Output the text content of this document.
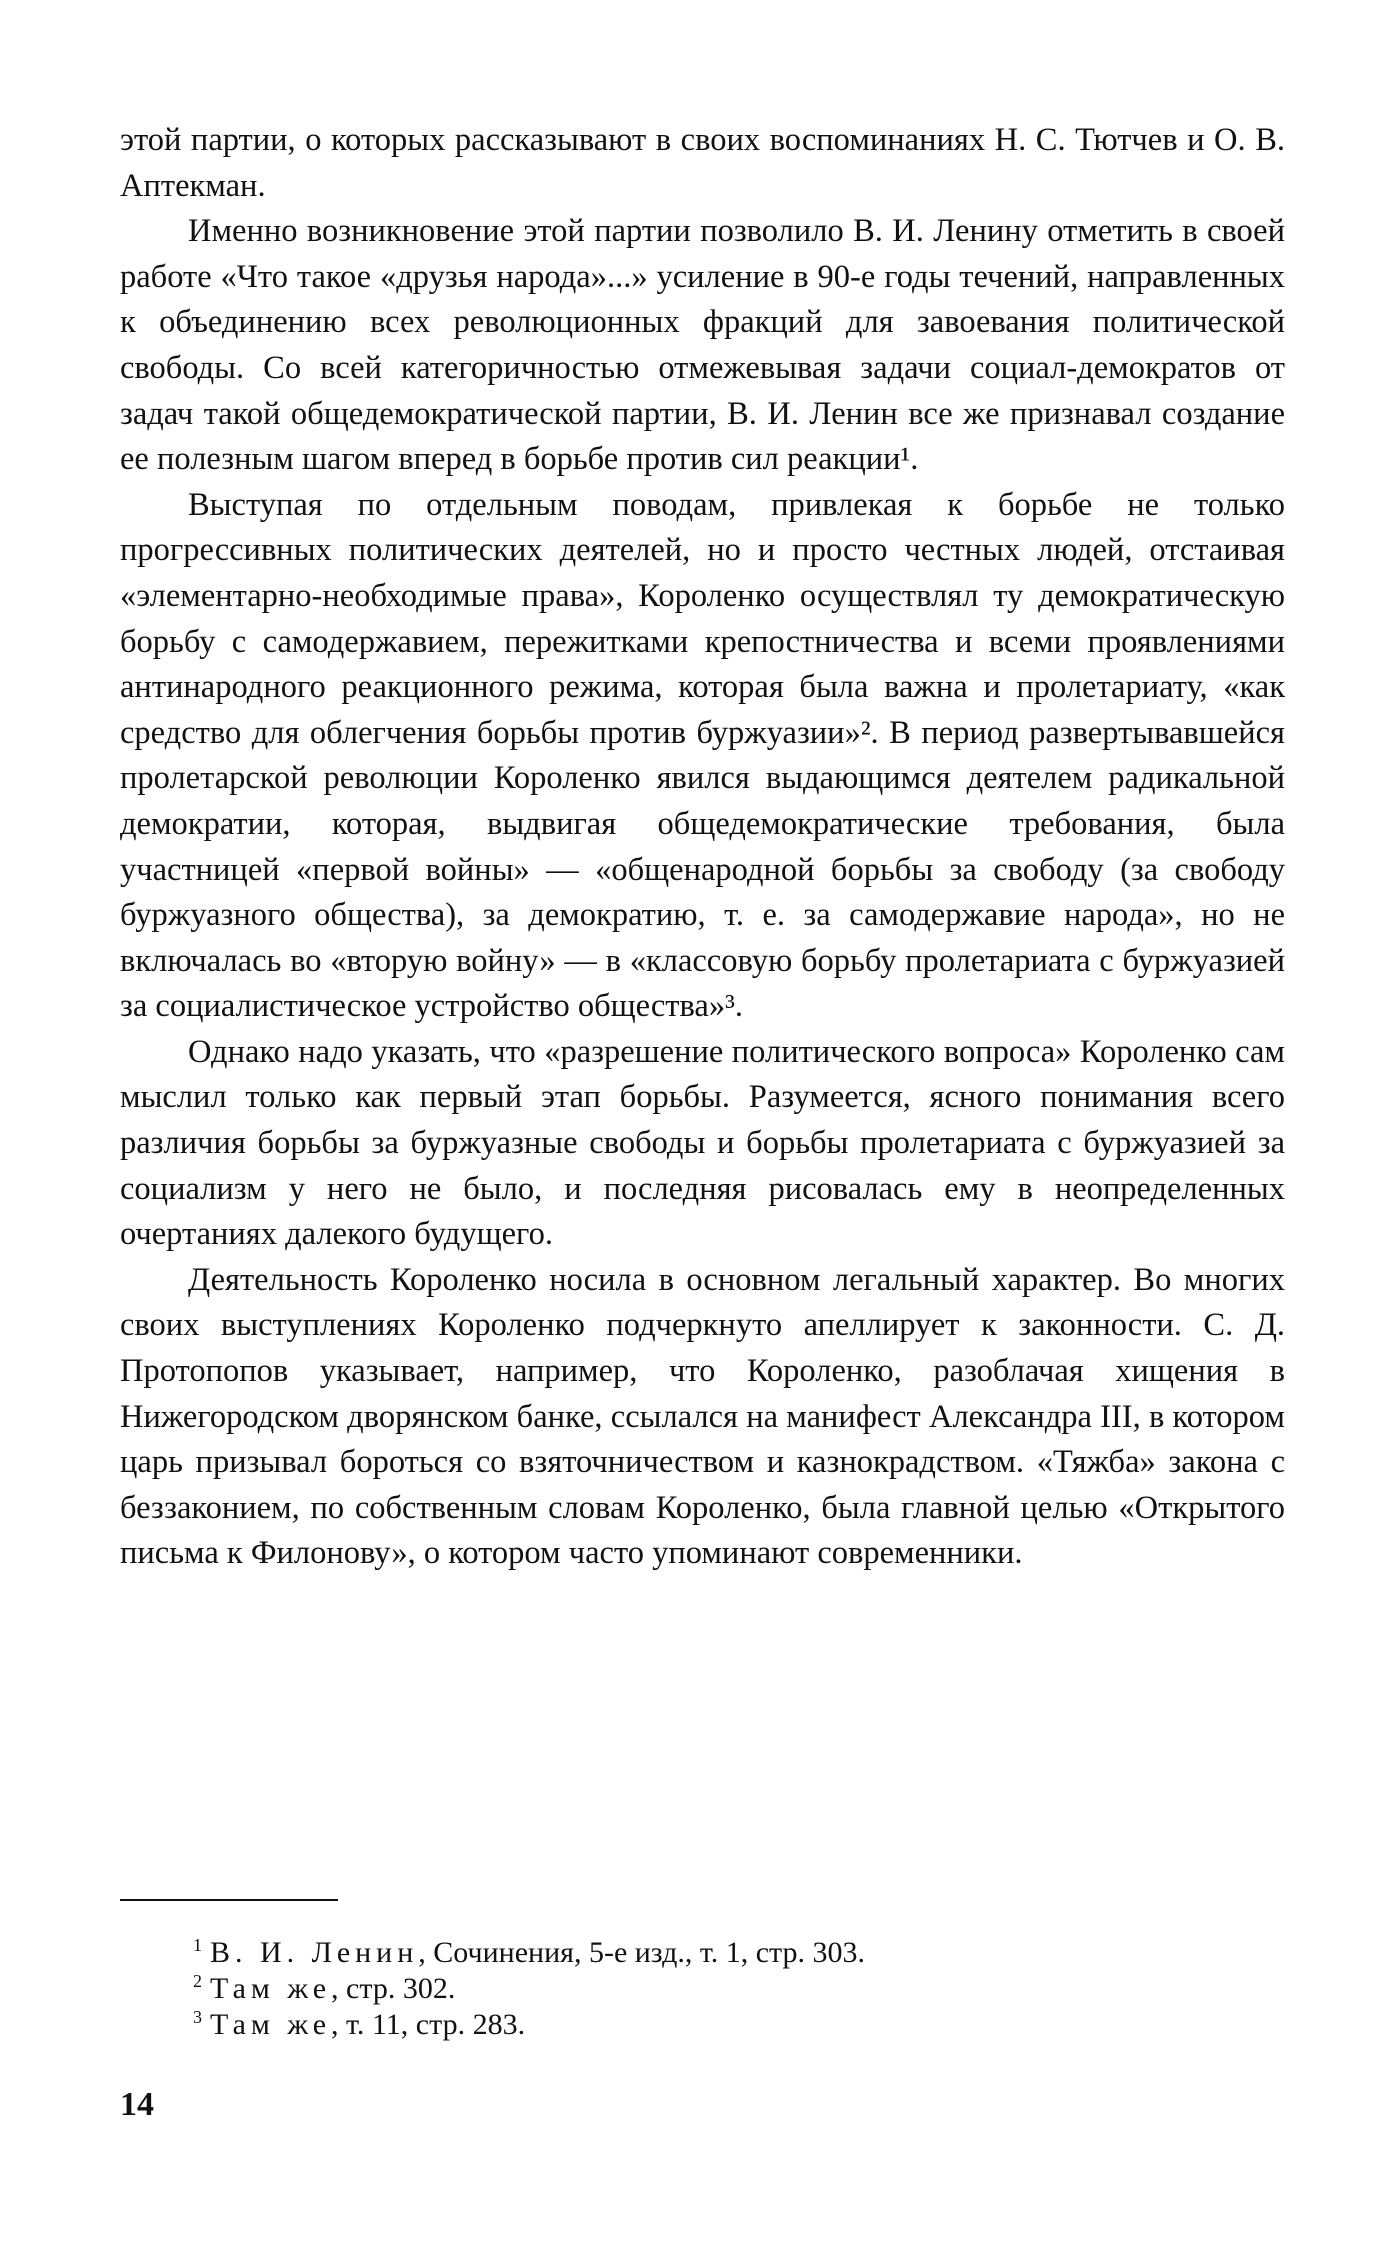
этой партии, о которых рассказывают в своих воспоминаниях Н. С. Тютчев и О. В. Аптекман.

Именно возникновение этой партии позволило В. И. Ленину отметить в своей работе «Что такое «друзья народа»...» усиление в 90-е годы течений, направленных к объединению всех революционных фракций для завоевания политической свободы. Со всей категоричностью отмежевывая задачи социал-демократов от задач такой общедемократической партии, В. И. Ленин все же признавал создание ее полезным шагом вперед в борьбе против сил реакции¹.

Выступая по отдельным поводам, привлекая к борьбе не только прогрессивных политических деятелей, но и просто честных людей, отстаивая «элементарно-необходимые права», Короленко осуществлял ту демократическую борьбу с самодержавием, пережитками крепостничества и всеми проявлениями антинародного реакционного режима, которая была важна и пролетариату, «как средство для облегчения борьбы против буржуазии»². В период развертывавшейся пролетарской революции Короленко явился выдающимся деятелем радикальной демократии, которая, выдвигая общедемократические требования, была участницей «первой войны» — «общенародной борьбы за свободу (за свободу буржуазного общества), за демократию, т. е. за самодержавие народа», но не включалась во «вторую войну» — в «классовую борьбу пролетариата с буржуазией за социалистическое устройство общества»³.

Однако надо указать, что «разрешение политического вопроса» Короленко сам мыслил только как первый этап борьбы. Разумеется, ясного понимания всего различия борьбы за буржуазные свободы и борьбы пролетариата с буржуазией за социализм у него не было, и последняя рисовалась ему в неопределенных очертаниях далекого будущего.

Деятельность Короленко носила в основном легальный характер. Во многих своих выступлениях Короленко подчеркнуто апеллирует к законности. С. Д. Протопопов указывает, например, что Короленко, разоблачая хищения в Нижегородском дворянском банке, ссылался на манифест Александра III, в котором царь призывал бороться со взяточничеством и казнокрадством. «Тяжба» закона с беззаконием, по собственным словам Короленко, была главной целью «Открытого письма к Филонову», о котором часто упоминают современники.

$^1$ В. И. Ленин, Сочинения, 5-е изд., т. 1, стр. 303.
$^2$ Там же, стр. 302.
$^3$ Там же, т. 11, стр. 283.
14
